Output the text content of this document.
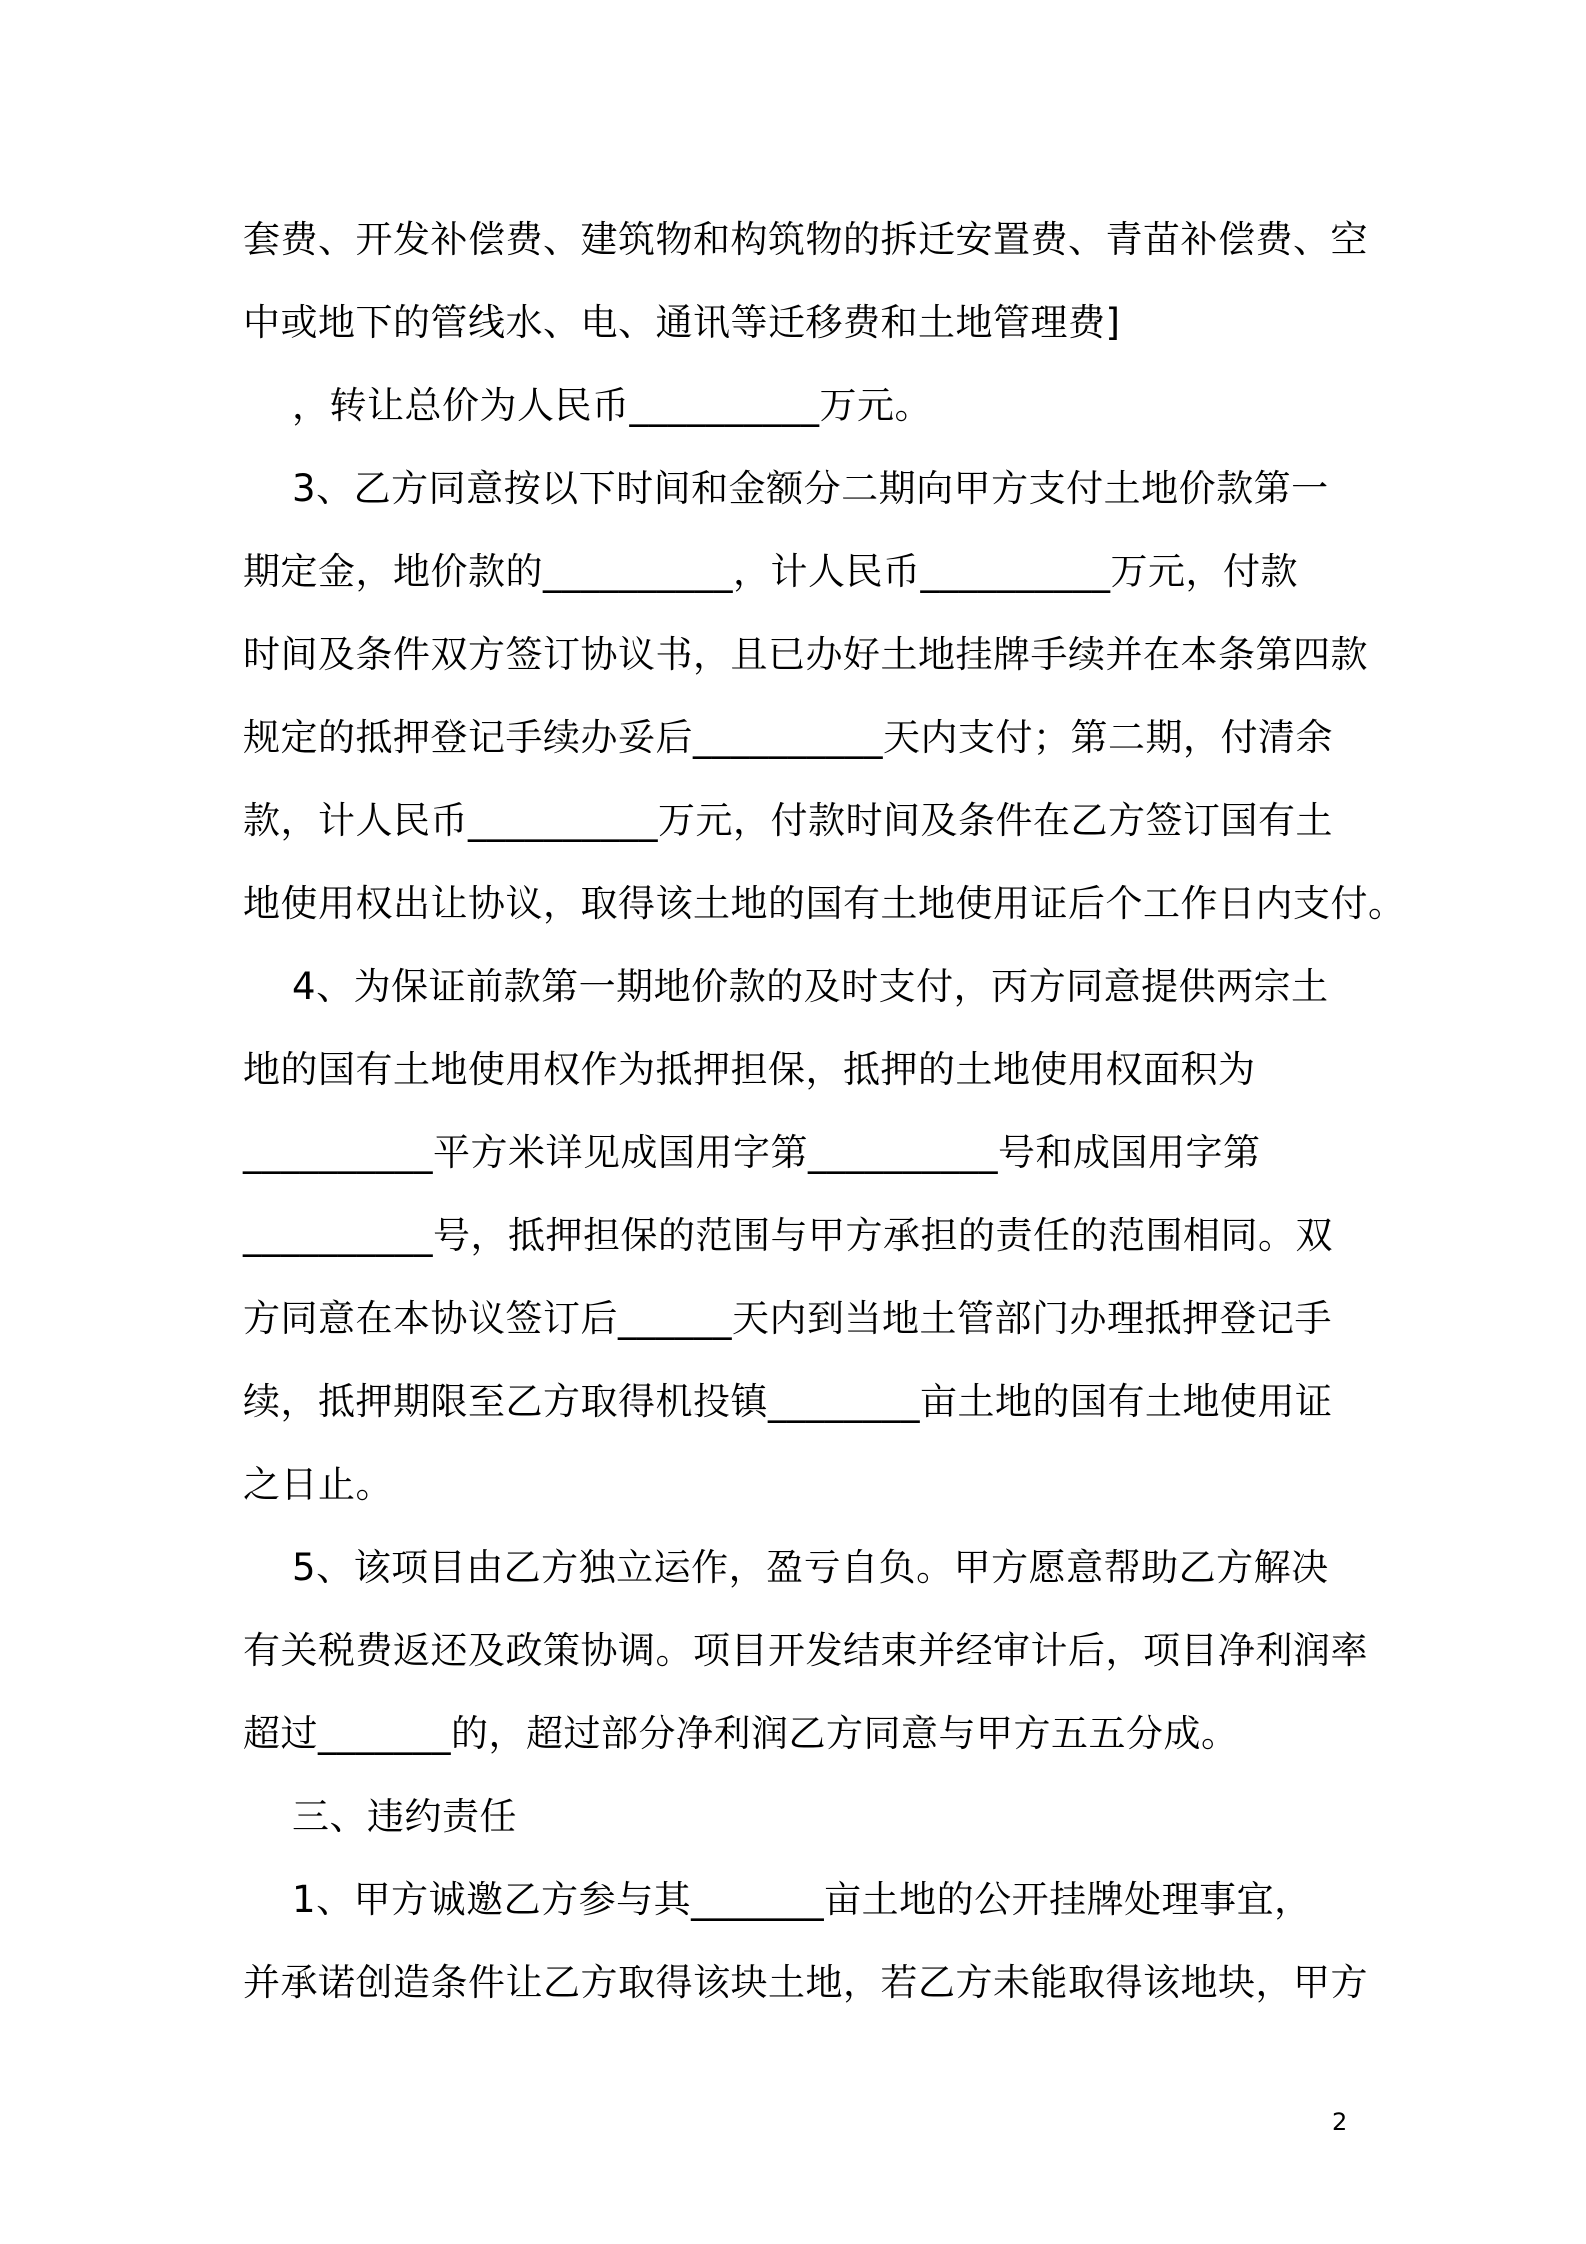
套费、开发补偿费、建筑物和构筑物的拆迁安置费、青苗补偿费、空
中或地下的管线水、电、通讯等迁移费和土地管理费]
，转让总价为人民币__________万元。
3、乙方同意按以下时间和金额分二期向甲方支付土地价款第一
期定金，地价款的__________，计人民币__________万元，付款
时间及条件双方签订协议书，且已办好土地挂牌手续并在本条第四款
规定的抵押登记手续办妥后__________天内支付；第二期，付清余
款，计人民币__________万元，付款时间及条件在乙方签订国有土
地使用权出让协议，取得该土地的国有土地使用证后个工作日内支付。
4、为保证前款第一期地价款的及时支付，丙方同意提供两宗土
地的国有土地使用权作为抵押担保，抵押的土地使用权面积为
__________平方米详见成国用字第__________号和成国用字第
__________号，抵押担保的范围与甲方承担的责任的范围相同。双
方同意在本协议签订后______天内到当地土管部门办理抵押登记手
续，抵押期限至乙方取得机投镇________亩土地的国有土地使用证
之日止。
5、该项目由乙方独立运作，盈亏自负。甲方愿意帮助乙方解决
有关税费返还及政策协调。项目开发结束并经审计后，项目净利润率
超过_______的，超过部分净利润乙方同意与甲方五五分成。
三、违约责任
1、甲方诚邀乙方参与其_______亩土地的公开挂牌处理事宜，
并承诺创造条件让乙方取得该块土地，若乙方未能取得该地块，甲方
2
